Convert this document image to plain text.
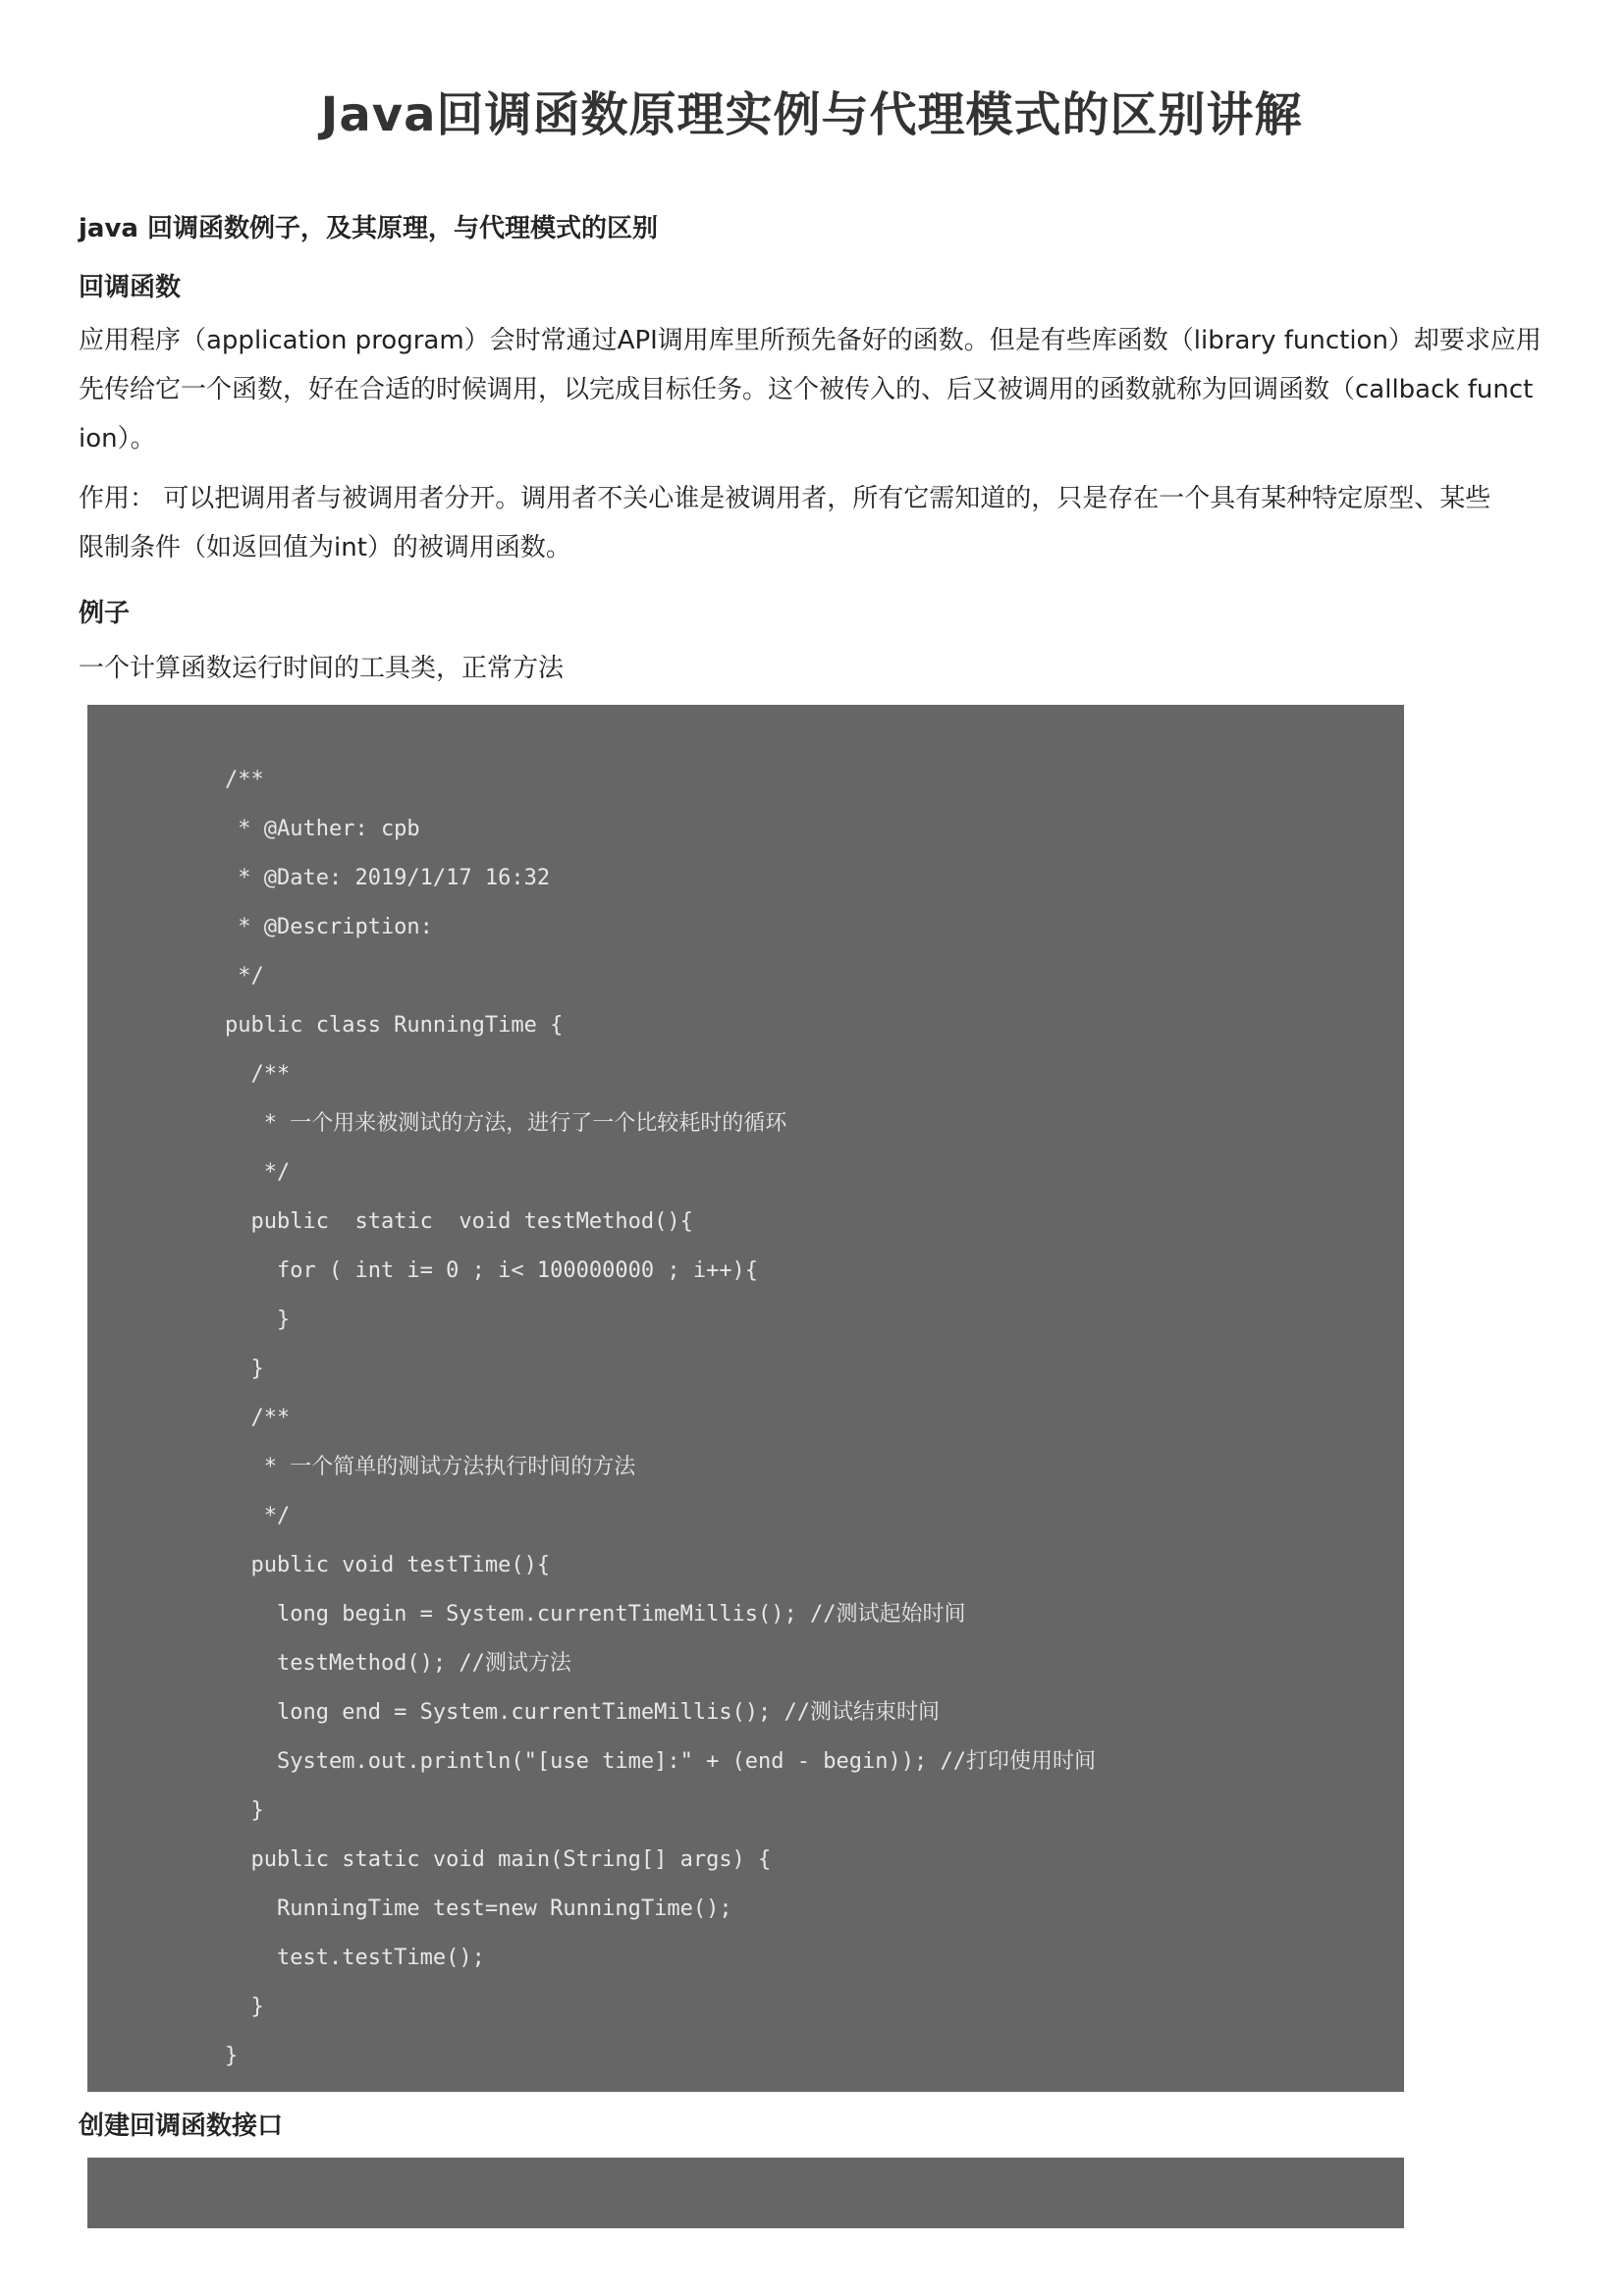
Java回调函数原理实例与代理模式的区别讲解
java 回调函数例子，及其原理，与代理模式的区别
回调函数
应用程序（application program）会时常通过API调用库里所预先备好的函数。但是有些库函数（library function）却要求应用
先传给它一个函数，好在合适的时候调用，以完成目标任务。这个被传入的、后又被调用的函数就称为回调函数（callback funct
ion）。
作用： 可以把调用者与被调用者分开。调用者不关心谁是被调用者，所有它需知道的，只是存在一个具有某种特定原型、某些
限制条件（如返回值为int）的被调用函数。
例子
一个计算函数运行时间的工具类，正常方法
/**
* @Auther: cpb
* @Date: 2019/1/17 16:32
* @Description:
*/
public class RunningTime {
/**
* 一个用来被测试的方法，进行了一个比较耗时的循环
*/
public  static  void testMethod(){
for ( int i= 0 ; i< 100000000 ; i++){
}
}
/**
* 一个简单的测试方法执行时间的方法
*/
public void testTime(){
long begin = System.currentTimeMillis(); //测试起始时间
testMethod(); //测试方法
long end = System.currentTimeMillis(); //测试结束时间
System.out.println("[use time]:" + (end - begin)); //打印使用时间
}
public static void main(String[] args) {
RunningTime test=new RunningTime();
test.testTime();
}
}
创建回调函数接口
